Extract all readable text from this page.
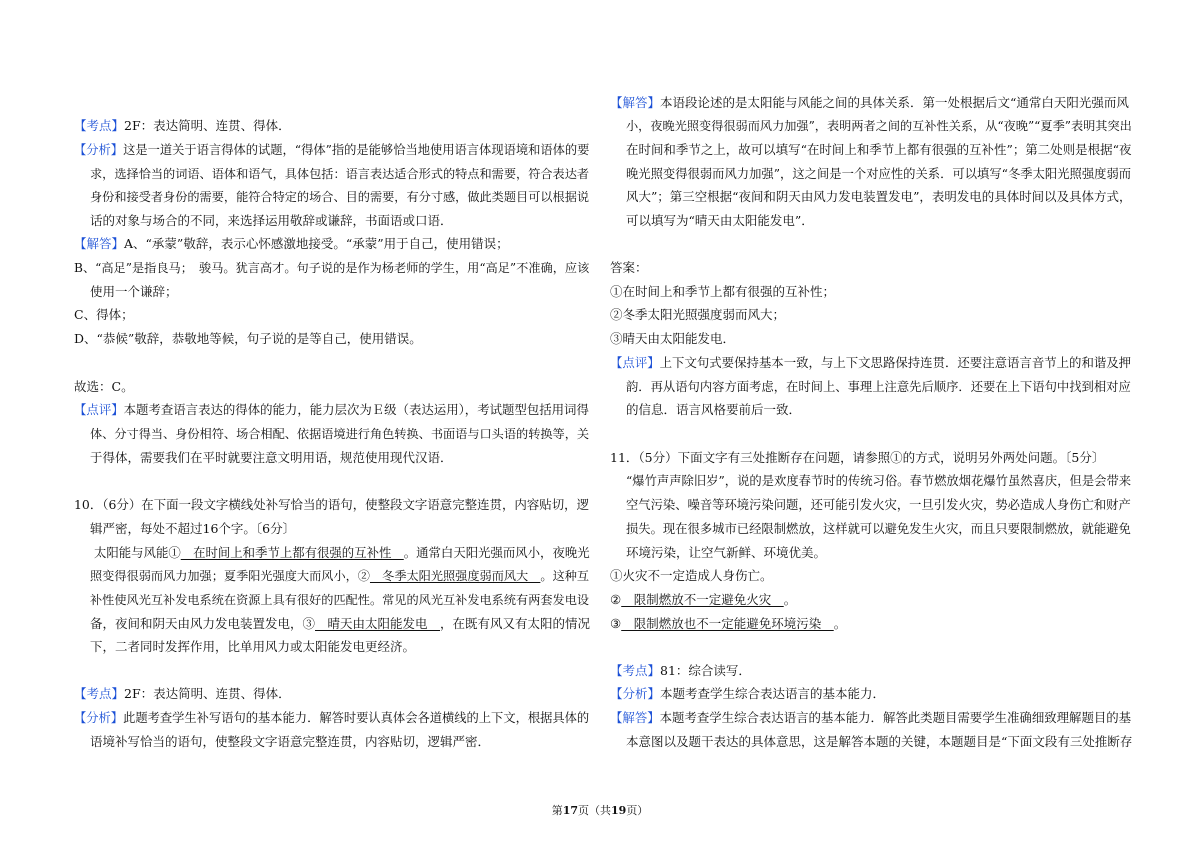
【考点】2F：表达简明、连贯、得体．
【分析】这是一道关于语言得体的试题，“得体”指的是能够恰当地使用语言体现语境和语体的要
求，选择恰当的词语、语体和语气，具体包括：语言表达适合形式的特点和需要，符合表达者
身份和接受者身份的需要，能符合特定的场合、目的需要，有分寸感，做此类题目可以根据说
话的对象与场合的不同，来选择运用敬辞或谦辞，书面语或口语．
【解答】A、“承蒙”敬辞，表示心怀感激地接受。“承蒙”用于自己，使用错误；
B、“高足”是指良马；　骏马。犹言高才。句子说的是作为杨老师的学生，用“高足”不准确，应该
使用一个谦辞；
C、得体；
D、“恭候”敬辞，恭敬地等候，句子说的是等自己，使用错误。
故选：C。
【点评】本题考查语言表达的得体的能力，能力层次为Ｅ级（表达运用），考试题型包括用词得
体、分寸得当、身份相符、场合相配、依据语境进行角色转换、书面语与口头语的转换等，关
于得体，需要我们在平时就要注意文明用语，规范使用现代汉语．
10．（6分）在下面一段文字横线处补写恰当的语句，使整段文字语意完整连贯，内容贴切，逻
辑严密，每处不超过16个字。〔6分〕
太阳能与风能①　在时间上和季节上都有很强的互补性　。通常白天阳光强而风小，夜晚光
照变得很弱而风力加强；夏季阳光强度大而风小，②　冬季太阳光照强度弱而风大　。这种互
补性使风光互补发电系统在资源上具有很好的匹配性。常见的风光互补发电系统有两套发电设
备，夜间和阴天由风力发电装置发电，③　晴天由太阳能发电　，在既有风又有太阳的情况
下，二者同时发挥作用，比单用风力或太阳能发电更经济。
【考点】2F：表达简明、连贯、得体．
【分析】此题考查学生补写语句的基本能力．解答时要认真体会各道横线的上下文，根据具体的
语境补写恰当的语句，使整段文字语意完整连贯，内容贴切，逻辑严密．
【解答】本语段论述的是太阳能与风能之间的具体关系．第一处根据后文“通常白天阳光强而风
小，夜晚光照变得很弱而风力加强”，表明两者之间的互补性关系，从“夜晚”“夏季”表明其突出
在时间和季节之上，故可以填写“在时间上和季节上都有很强的互补性”；第二处则是根据“夜
晚光照变得很弱而风力加强”，这之间是一个对应性的关系．可以填写“冬季太阳光照强度弱而
风大”；第三空根据“夜间和阴天由风力发电装置发电”，表明发电的具体时间以及具体方式，
可以填写为“晴天由太阳能发电”．
答案：
①在时间上和季节上都有很强的互补性；
②冬季太阳光照强度弱而风大；
③晴天由太阳能发电．
【点评】上下文句式要保持基本一致，与上下文思路保持连贯．还要注意语言音节上的和谐及押
韵．再从语句内容方面考虑，在时间上、事理上注意先后顺序．还要在上下语句中找到相对应
的信息．语言风格要前后一致．
11．（5分）下面文字有三处推断存在问题，请参照①的方式，说明另外两处问题。〔5分〕
“爆竹声声除旧岁”，说的是欢度春节时的传统习俗。春节燃放烟花爆竹虽然喜庆，但是会带来
空气污染、噪音等环境污染问题，还可能引发火灾，一旦引发火灾，势必造成人身伤亡和财产
损失。现在很多城市已经限制燃放，这样就可以避免发生火灾，而且只要限制燃放，就能避免
环境污染，让空气新鲜、环境优美。
①火灾不一定造成人身伤亡。
②　限制燃放不一定避免火灾　。
③　限制燃放也不一定能避免环境污染　。
【考点】81：综合读写．
【分析】本题考查学生综合表达语言的基本能力．
【解答】本题考查学生综合表达语言的基本能力．解答此类题目需要学生准确细致理解题目的基
本意图以及题干表达的具体意思，这是解答本题的关键，本题题目是“下面文段有三处推断存
第17页（共19页）
